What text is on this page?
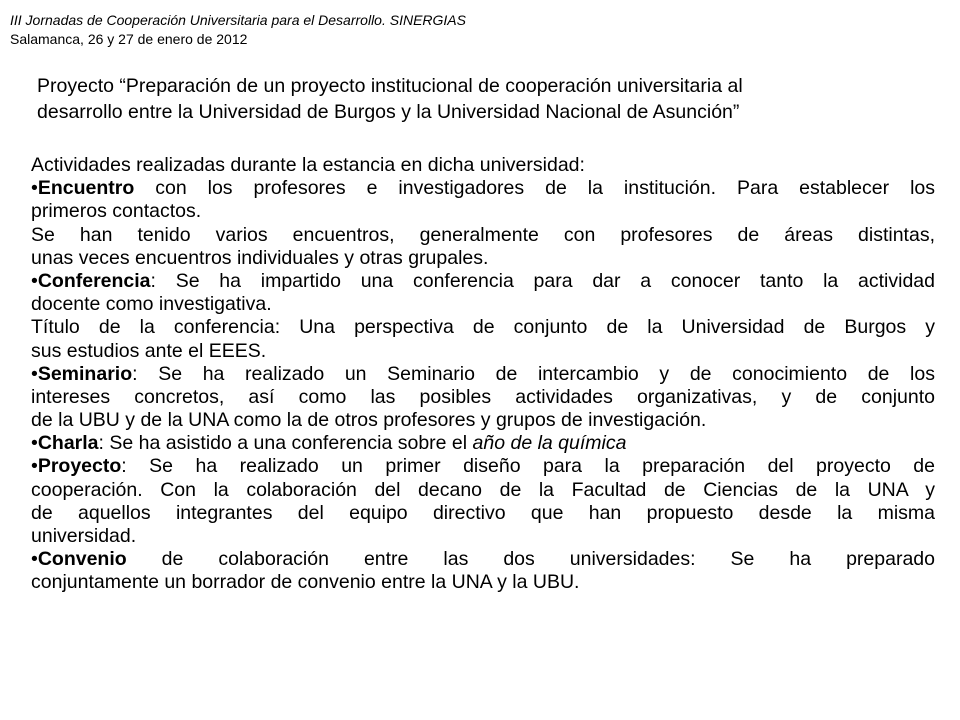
III Jornadas de Cooperación Universitaria para el Desarrollo. SINERGIAS
Salamanca, 26 y 27 de enero de 2012
Proyecto “Preparación de un proyecto institucional de cooperación universitaria al
desarrollo entre la Universidad de Burgos y la Universidad Nacional de Asunción”
Actividades realizadas durante la estancia en dicha universidad:
•Encuentro con los profesores e investigadores de la institución. Para establecer los
primeros contactos.
Se han tenido varios encuentros, generalmente con profesores de áreas distintas,
unas veces encuentros individuales y otras grupales.
•Conferencia: Se ha impartido una conferencia para dar a conocer tanto la actividad
docente como investigativa.
Título de la conferencia: Una perspectiva de conjunto de la Universidad de Burgos y
sus estudios ante el EEES.
•Seminario: Se ha realizado un Seminario de intercambio y de conocimiento de los
intereses concretos, así como las posibles actividades organizativas, y de conjunto
de la UBU y de la UNA como la de otros profesores y grupos de investigación.
•Charla: Se ha asistido a una conferencia sobre el año de la química
•Proyecto: Se ha realizado un primer diseño para la preparación del proyecto de
cooperación. Con la colaboración del decano de la Facultad de Ciencias de la UNA y
de aquellos integrantes del equipo directivo que han propuesto desde la misma
universidad.
•Convenio de colaboración entre las dos universidades: Se ha preparado
conjuntamente un borrador de convenio entre la UNA y la UBU.
